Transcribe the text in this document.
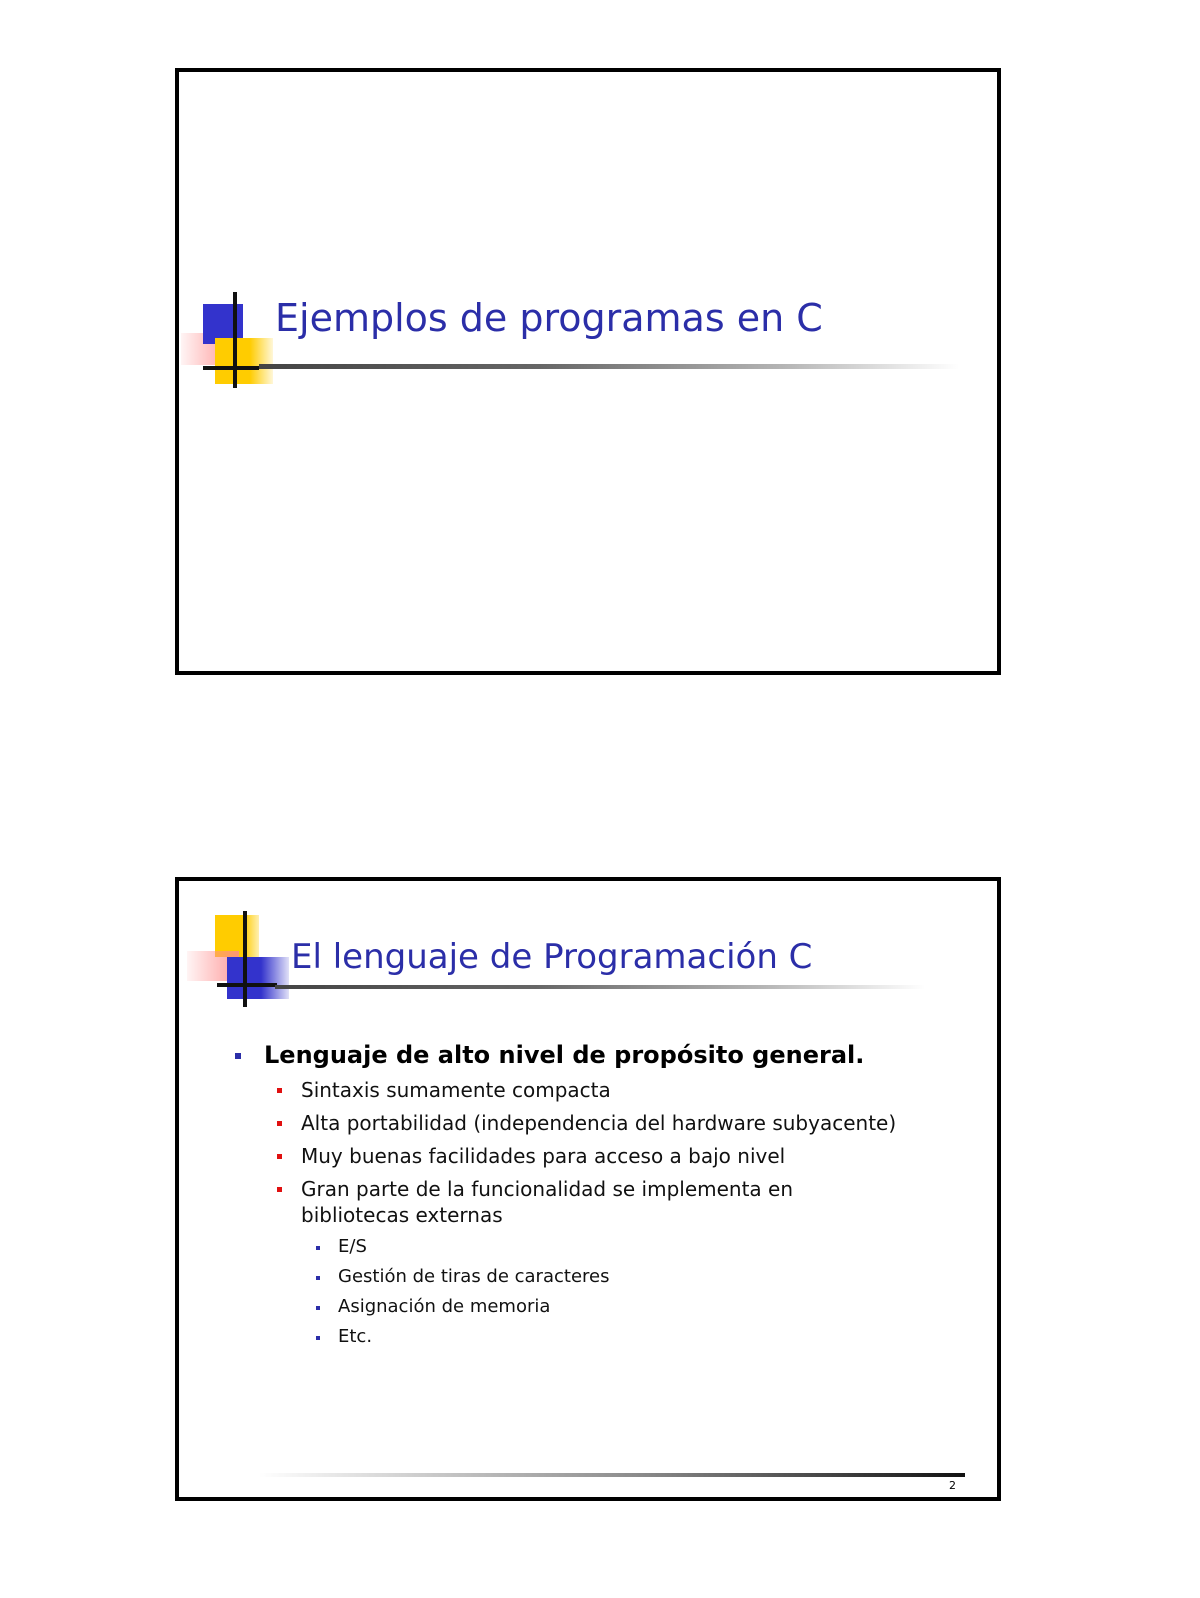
Ejemplos de programas en C
El lenguaje de Programación C
Lenguaje de alto nivel de propósito general.
Sintaxis sumamente compacta
Alta portabilidad (independencia del hardware subyacente)
Muy buenas facilidades para acceso a bajo nivel
Gran parte de la funcionalidad se implementa en bibliotecas externas
E/S
Gestión de tiras de caracteres
Asignación de memoria
Etc.
2
